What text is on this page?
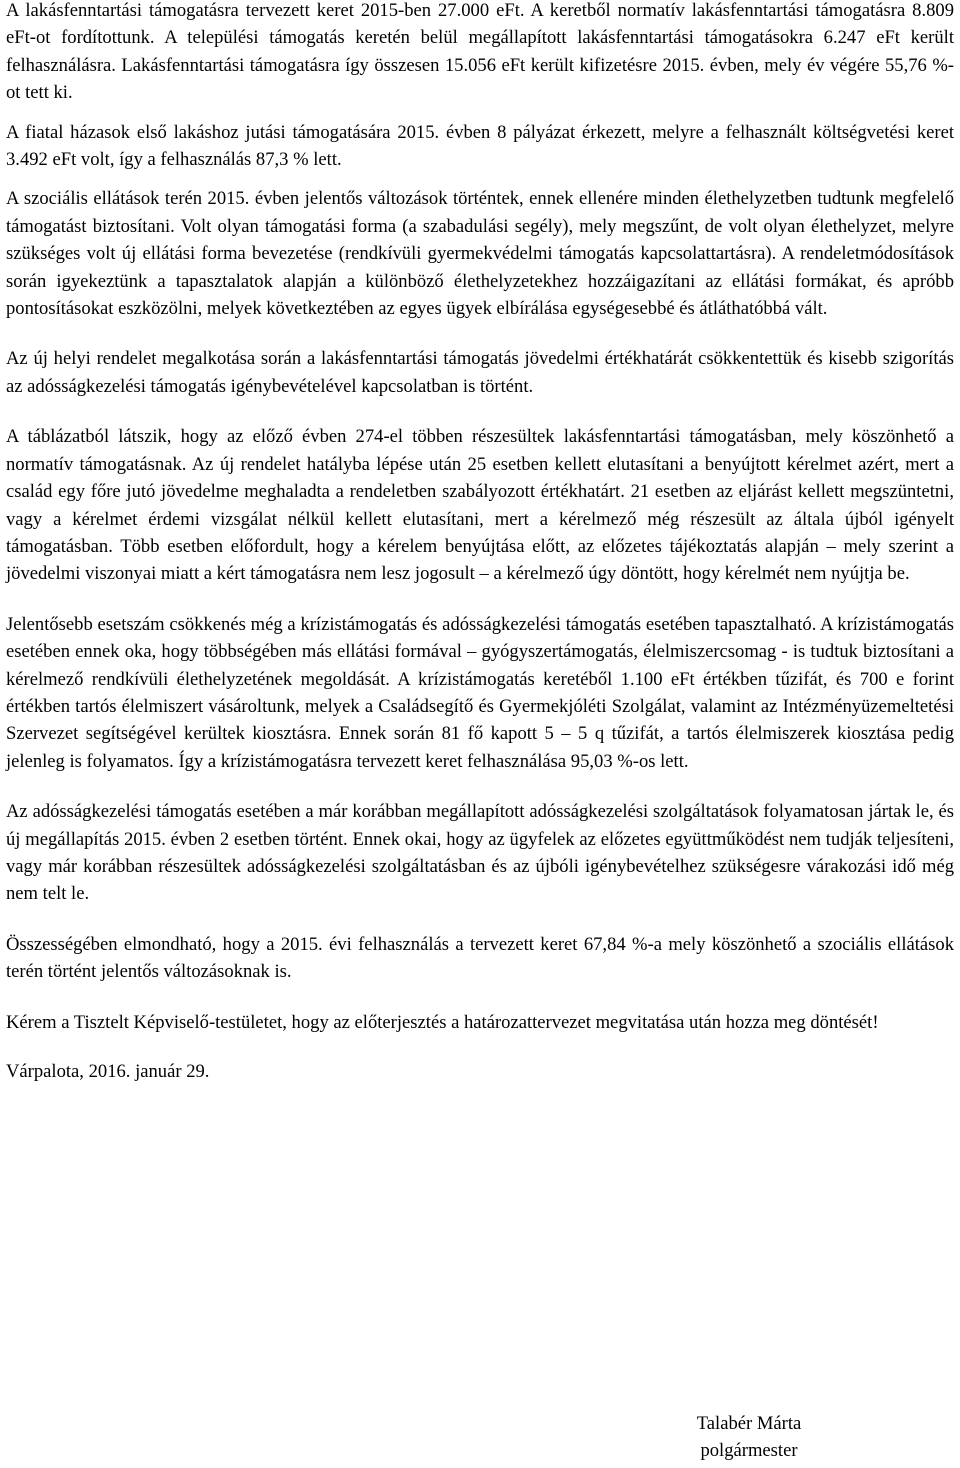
A lakásfenntartási támogatásra tervezett keret 2015-ben 27.000 eFt. A keretből normatív lakásfenntartási támogatásra 8.809 eFt-ot fordítottunk. A települési támogatás keretén belül megállapított lakásfenntartási támogatásokra 6.247 eFt került felhasználásra. Lakásfenntartási támogatásra így összesen 15.056 eFt került kifizetésre 2015. évben, mely év végére 55,76 %-ot tett ki.

A fiatal házasok első lakáshoz jutási támogatására 2015. évben 8 pályázat érkezett, melyre a felhasznált költségvetési keret 3.492 eFt volt, így a felhasználás 87,3 % lett.

A szociális ellátások terén 2015. évben jelentős változások történtek, ennek ellenére minden élethelyzetben tudtunk megfelelő támogatást biztosítani. Volt olyan támogatási forma (a szabadulási segély), mely megszűnt, de volt olyan élethelyzet, melyre szükséges volt új ellátási forma bevezetése (rendkívüli gyermekvédelmi támogatás kapcsolattartásra). A rendeletmódosítások során igyekeztünk a tapasztalatok alapján a különböző élethelyzetekhez hozzáigazítani az ellátási formákat, és apróbb pontosításokat eszközölni, melyek következtében az egyes ügyek elbírálása egységesebbé és átláthatóbbá vált.

Az új helyi rendelet megalkotása során a lakásfenntartási támogatás jövedelmi értékhatárát csökkentettük és kisebb szigorítás az adósságkezelési támogatás igénybevételével kapcsolatban is történt.

A táblázatból látszik, hogy az előző évben 274-el többen részesültek lakásfenntartási támogatásban, mely köszönhető a normatív támogatásnak. Az új rendelet hatályba lépése után 25 esetben kellett elutasítani a benyújtott kérelmet azért, mert a család egy főre jutó jövedelme meghaladta a rendeletben szabályozott értékhatárt. 21 esetben az eljárást kellett megszüntetni, vagy a kérelmet érdemi vizsgálat nélkül kellett elutasítani, mert a kérelmező még részesült az általa újból igényelt támogatásban. Több esetben előfordult, hogy a kérelem benyújtása előtt, az előzetes tájékoztatás alapján – mely szerint a jövedelmi viszonyai miatt a kért támogatásra nem lesz jogosult – a kérelmező úgy döntött, hogy kérelmét nem nyújtja be.

Jelentősebb esetszám csökkenés még a krízistámogatás és adósságkezelési támogatás esetében tapasztalható. A krízistámogatás esetében ennek oka, hogy többségében más ellátási formával – gyógyszertámogatás, élelmiszercsomag - is tudtuk biztosítani a kérelmező rendkívüli élethelyzetének megoldását. A krízistámogatás keretéből 1.100 eFt értékben tűzifát, és 700 e forint értékben tartós élelmiszert vásároltunk, melyek a Családsegítő és Gyermekjóléti Szolgálat, valamint az Intézményüzemeltetési Szervezet segítségével kerültek kiosztásra. Ennek során 81 fő kapott 5 – 5 q tűzifát, a tartós élelmiszerek kiosztása pedig jelenleg is folyamatos. Így a krízistámogatásra tervezett keret felhasználása 95,03 %-os lett.

Az adósságkezelési támogatás esetében a már korábban megállapított adósságkezelési szolgáltatások folyamatosan jártak le, és új megállapítás 2015. évben 2 esetben történt. Ennek okai, hogy az ügyfelek az előzetes együttműködést nem tudják teljesíteni, vagy már korábban részesültek adósságkezelési szolgáltatásban és az újbóli igénybevételhez szükségesre várakozási idő még nem telt le.

Összességében elmondható, hogy a 2015. évi felhasználás a tervezett keret 67,84 %-a mely köszönhető a szociális ellátások terén történt jelentős változásoknak is.

Kérem a Tisztelt Képviselő-testületet, hogy az előterjesztés a határozattervezet megvitatása után hozza meg döntését!

Várpalota, 2016. január 29.

Talabér Márta
polgármester
